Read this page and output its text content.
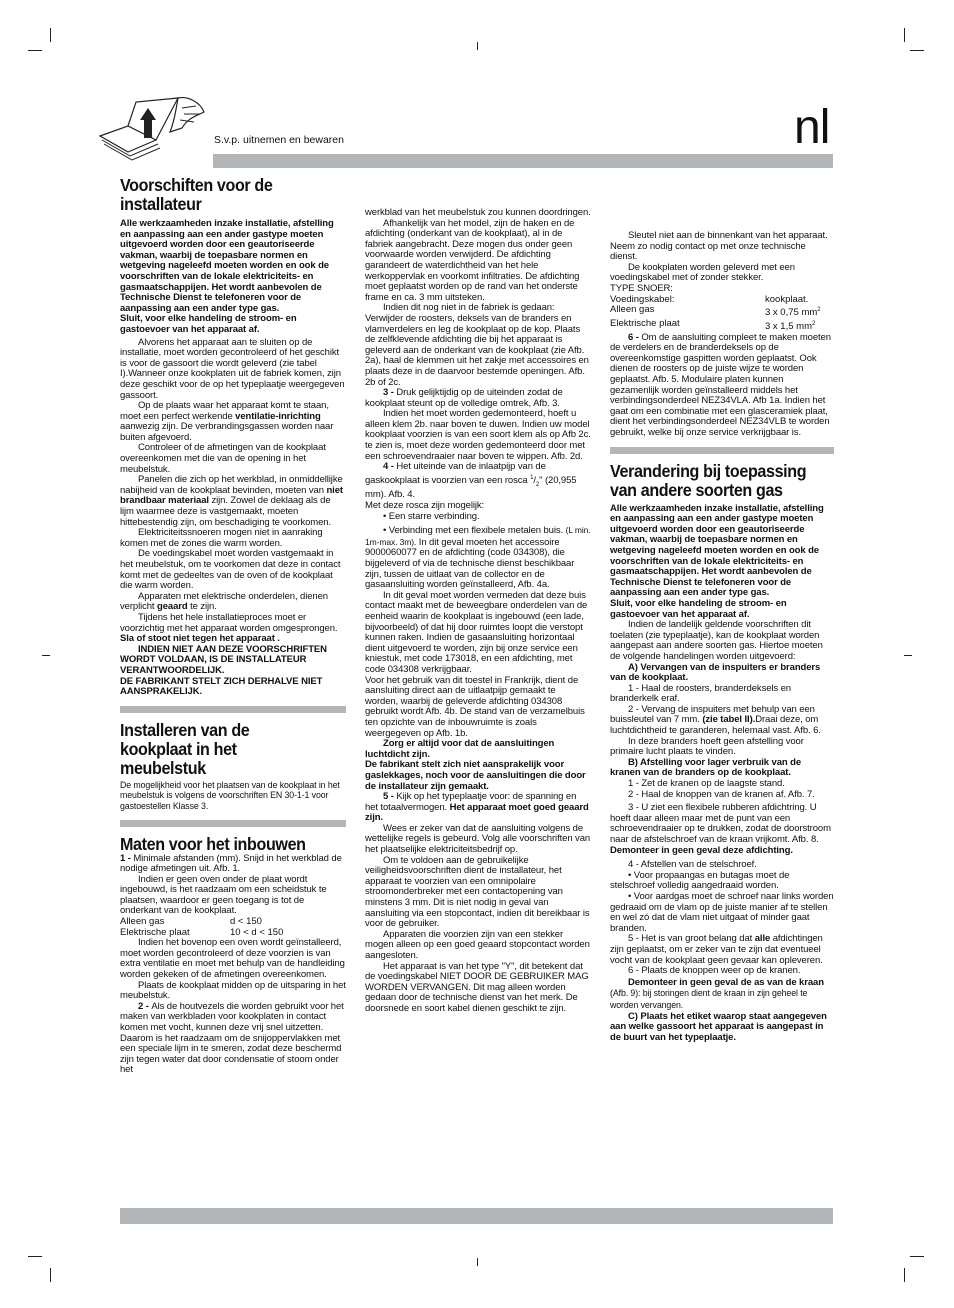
S.v.p. uitnemen en bewaren	nl
Voorschiften voor de installateur

Alle werkzaamheden inzake installatie, afstelling en aanpassing aan een ander gastype moeten uitgevoerd worden door een geautoriseerde vakman, waarbij de toepasbare normen en wetgeving nageleefd moeten worden en ook de voorschriften van de lokale elektriciteits- en gasmaatschappijen. Het wordt aanbevolen de Technische Dienst te telefoneren voor de aanpassing aan een ander type gas.

Sluit, voor elke handeling de stroom- en gastoevoer van het apparaat af.

Alvorens het apparaat aan te sluiten op de installatie, moet worden gecontroleerd of het geschikt is voor de gassoort die wordt geleverd (zie tabel I).Wanneer onze kookplaten uit de fabriek komen, zijn deze geschikt voor de op het typeplaatje weergegeven gassoort.

Op de plaats waar het apparaat komt te staan, moet een perfect werkende ventilatie-inrichting aanwezig zijn. De verbrandingsgassen worden naar buiten afgevoerd.

Controleer of de afmetingen van de kookplaat overeenkomen met die van de opening in het meubelstuk.

Panelen die zich op het werkblad, in onmiddellijke nabijheid van de kookplaat bevinden, moeten van niet brandbaar materiaal zijn. Zowel de deklaag als de lijm waarmee deze is vastgemaakt, moeten hittebestendig zijn, om beschadiging te voorkomen.

Elektriciteitssnoeren mogen niet in aanraking komen met de zones die warm worden.

De voedingskabel moet worden vastgemaakt in het meubelstuk, om te voorkomen dat deze in contact komt met de gedeeltes van de oven of de kookplaat die warm worden.

Apparaten met elektrische onderdelen, dienen verplicht geaard te zijn.

Tijdens het hele installatieproces moet er voorzichtig met het apparaat worden omgesprongen. Sla of stoot niet tegen het apparaat .

INDIEN NIET AAN DEZE VOORSCHRIFTEN WORDT VOLDAAN, IS DE INSTALLATEUR VERANTWOORDELIJK.

DE FABRIKANT STELT ZICH DERHALVE NIET AANSPRAKELIJK.

Installeren van de kookplaat in het meubelstuk

De mogelijkheid voor het plaatsen van de kookplaat in het meubelstuk is volgens de voorschriften EN 30-1-1 voor gastoestellen Klasse 3.

Maten voor het inbouwen

1 - Minimale afstanden (mm). Snijd in het werkblad de nodige afmetingen uit. Afb. 1.

Indien er geen oven onder de plaat wordt ingebouwd, is het raadzaam om een scheidstuk te plaatsen, waardoor er geen toegang is tot de onderkant van de kookplaat.

Alleen gas	d < 150
Elektrische plaat	10 < d < 150

Indien het bovenop een oven wordt geïnstalleerd, moet worden gecontroleerd of deze voorzien is van extra ventilatie en moet met behulp van de handleiding worden gekeken of de afmetingen overeenkomen.

Plaats de kookplaat midden op de uitsparing in het meubelstuk.

2 - Als de houtvezels die worden gebruikt voor het maken van werkbladen voor kookplaten in contact komen met vocht, kunnen deze vrij snel uitzetten. Daarom is het raadzaam om de snijoppervlakken met een speciale lijm in te smeren, zodat deze beschermd zijn tegen water dat door condensatie of stoom onder het

werkblad van het meubelstuk zou kunnen doordringen.

Afhankelijk van het model, zijn de haken en de afdichting (onderkant van de kookplaat), al in de fabriek aangebracht. Deze mogen dus onder geen voorwaarde worden verwijderd. De afdichting garandeert de waterdichtheid van het hele werkoppervlak en voorkomt infiltraties. De afdichting moet geplaatst worden op de rand van het onderste frame en ca. 3 mm uitsteken.

Indien dit nog niet in de fabriek is gedaan: Verwijder de roosters, deksels van de branders en vlamverdelers en leg de kookplaat op de kop. Plaats de zelfklevende afdichting die bij het apparaat is geleverd aan de onderkant van de kookplaat (zie Afb. 2a), haal de klemmen uit het zakje met accessoires en plaats deze in de daarvoor bestemde openingen. Afb. 2b of 2c.

3 - Druk gelijktijdig op de uiteinden zodat de kookplaat steunt op de volledige omtrek, Afb. 3.

Indien het moet worden gedemonteerd, hoeft u alleen klem 2b. naar boven te duwen. Indien uw model kookplaat voorzien is van een soort klem als op Afb 2c. te zien is, moet deze worden gedemonteerd door met een schroevendraaier naar boven te wippen. Afb. 2d.

4 - Het uiteinde van de inlaatpijp van de gaskookplaat is voorzien van een rosca $^1/_2$" (20,955 mm). Afb. 4.

Met deze rosca zijn mogelijk:

• Een starre verbinding.

• Verbinding met een flexibele metalen buis. (L min. 1m-max. 3m). In dit geval moeten het accessoire 9000060077 en de afdichting (code 034308), die bijgeleverd of via de technische dienst beschikbaar zijn, tussen de uitlaat van de collector en de gasaansluiting worden geïnstalleerd, Afb. 4a.

In dit geval moet worden vermeden dat deze buis contact maakt met de beweegbare onderdelen van de eenheid waarin de kookplaat is ingebouwd (een lade, bijvoorbeeld) of dat hij door ruimtes loopt die verstopt kunnen raken. Indien de gasaansluiting horizontaal dient uitgevoerd te worden, zijn bij onze service een kniestuk, met code 173018, en een afdichting, met code 034308 verkrijgbaar.

Voor het gebruik van dit toestel in Frankrijk, dient de aansluiting direct aan de uitlaatpijp gemaakt te worden, waarbij de geleverde afdichting 034308 gebruikt wordt Afb. 4b. De stand van de verzamelbuis ten opzichte van de inbouwruimte is zoals weergegeven op Afb. 1b.

Zorg er altijd voor dat de aansluitingen luchtdicht zijn.

De fabrikant stelt zich niet aansprakelijk voor gaslekkages, noch voor de aansluitingen die door de installateur zijn gemaakt.

5 - Kijk op het typeplaatje voor: de spanning en het totaalvermogen. Het apparaat moet goed geaard zijn.

Wees er zeker van dat de aansluiting volgens de wettelijke regels is gebeurd. Volg alle voorschriften van het plaatselijke elektriciteitsbedrijf op.

Om te voldoen aan de gebruikelijke veiligheidsvoorschriften dient de installateur, het apparaat te voorzien van een omnipolaire stroomonderbreker met een contactopening van minstens 3 mm. Dit is niet nodig in geval van aansluiting via een stopcontact, indien dit bereikbaar is voor de gebruiker.

Apparaten die voorzien zijn van een stekker mogen alleen op een goed geaard stopcontact worden aangesloten.

Het apparaat is van het type "Y", dit betekent dat de voedingskabel NIET DOOR DE GEBRUIKER MAG WORDEN VERVANGEN. Dit mag alleen worden gedaan door de technische dienst van het merk. De doorsnede en soort kabel dienen geschikt te zijn.

Sleutel niet aan de binnenkant van het apparaat. Neem zo nodig contact op met onze technische dienst.

De kookplaten worden geleverd met een voedingskabel met of zonder stekker.

TYPE SNOER:

Voedingskabel:	kookplaat.
Alleen gas	3 x 0,75 $mm^2$
Elektrische plaat	3 x 1,5 $mm^2$

6 - Om de aansluiting compleet te maken moeten de verdelers en de branderdeksels op de overeenkomstige gaspitten worden geplaatst. Ook dienen de roosters op de juiste wijze te worden geplaatst. Afb. 5. Modulaire platen kunnen gezamenlijk worden geïnstalleerd middels het verbindingsonderdeel NEZ34VLA. Afb 1a. Indien het gaat om een combinatie met een glasceramiek plaat, dient het verbindingsonderdeel NEZ34VLB te worden gebruikt, welke bij onze service verkrijgbaar is.

Verandering bij toepassing van andere soorten gas

Alle werkzaamheden inzake installatie, afstelling en aanpassing aan een ander gastype moeten uitgevoerd worden door een geautoriseerde vakman, waarbij de toepasbare normen en wetgeving nageleefd moeten worden en ook de voorschriften van de lokale elektriciteits- en gasmaatschappijen. Het wordt aanbevolen de Technische Dienst te telefoneren voor de aanpassing aan een ander type gas.

Sluit, voor elke handeling de stroom- en gastoevoer van het apparaat af.

Indien de landelijk geldende voorschriften dit toelaten (zie typeplaatje), kan de kookplaat worden aangepast aan andere soorten gas. Hiertoe moeten de volgende handelingen worden uitgevoerd:

A) Vervangen van de inspuiters er branders van de kookplaat.

1 - Haal de roosters, branderdeksels en branderkelk eraf.

2 - Vervang de inspuiters met behulp van een buissleutel van 7 mm. (zie tabel II).Draai deze, om luchtdichtheid te garanderen, helemaal vast. Afb. 6.

In deze branders hoeft geen afstelling voor primaire lucht plaats te vinden.

B) Afstelling voor lager verbruik van de kranen van de branders op de kookplaat.

1 - Zet de kranen op de laagste stand.

2 - Haal de knoppen van de kranen af. Afb. 7.

3 - U ziet een flexibele rubberen afdichtring. U hoeft daar alleen maar met de punt van een schroevendraaier op te drukken, zodat de doorstroom naar de afstelschroef van de kraan vrijkomt. Afb. 8.

Demonteer in geen geval deze afdichting.

4 - Afstellen van de stelschroef.

• Voor propaangas en butagas moet de stelschroef volledig aangedraaid worden.

• Voor aardgas moet de schroef naar links worden gedraaid om de vlam op de juiste manier af te stellen en wel zó dat de vlam niet uitgaat of minder gaat branden.

5 - Het is van groot belang dat alle afdichtingen zijn geplaatst, om er zeker van te zijn dat eventueel vocht van de kookplaat geen gevaar kan opleveren.

6 - Plaats de knoppen weer op de kranen.

Demonteer in geen geval de as van de kraan (Afb. 9): bij storingen dient de kraan in zijn geheel te worden vervangen.

C) Plaats het etiket waarop staat aangegeven aan welke gassoort het apparaat is aangepast in de buurt van het typeplaatje.
